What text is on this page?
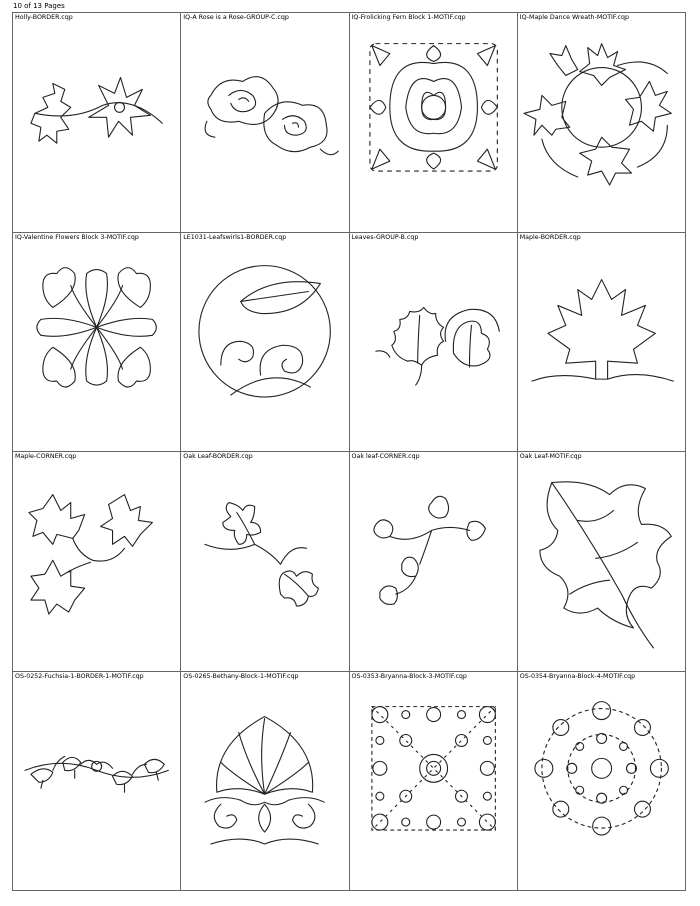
10 of 13 Pages
Holly-BORDER.cqp	IQ-A Rose is a Rose-GROUP-C.cqp	IQ-Frolicking Fern Block 1-MOTIF.cqp	IQ-Maple Dance Wreath-MOTIF.cqp
IQ-Valentine Flowers Block 3-MOTIF.cqp	LE1031-Leafswirls1-BORDER.cqp	Leaves-GROUP-B.cqp	Maple-BORDER.cqp
Maple-CORNER.cqp	Oak Leaf-BORDER.cqp	Oak leaf-CORNER.cqp	Oak Leaf-MOTIF.cqp
OS-0252-Fuchsia-1-BORDER-1-MOTIF.cqp	OS-0265-Bethany-Block-1-MOTIF.cqp	OS-0353-Bryanna-Block-3-MOTIF.cqp	OS-0354-Bryanna-Block-4-MOTIF.cqp
